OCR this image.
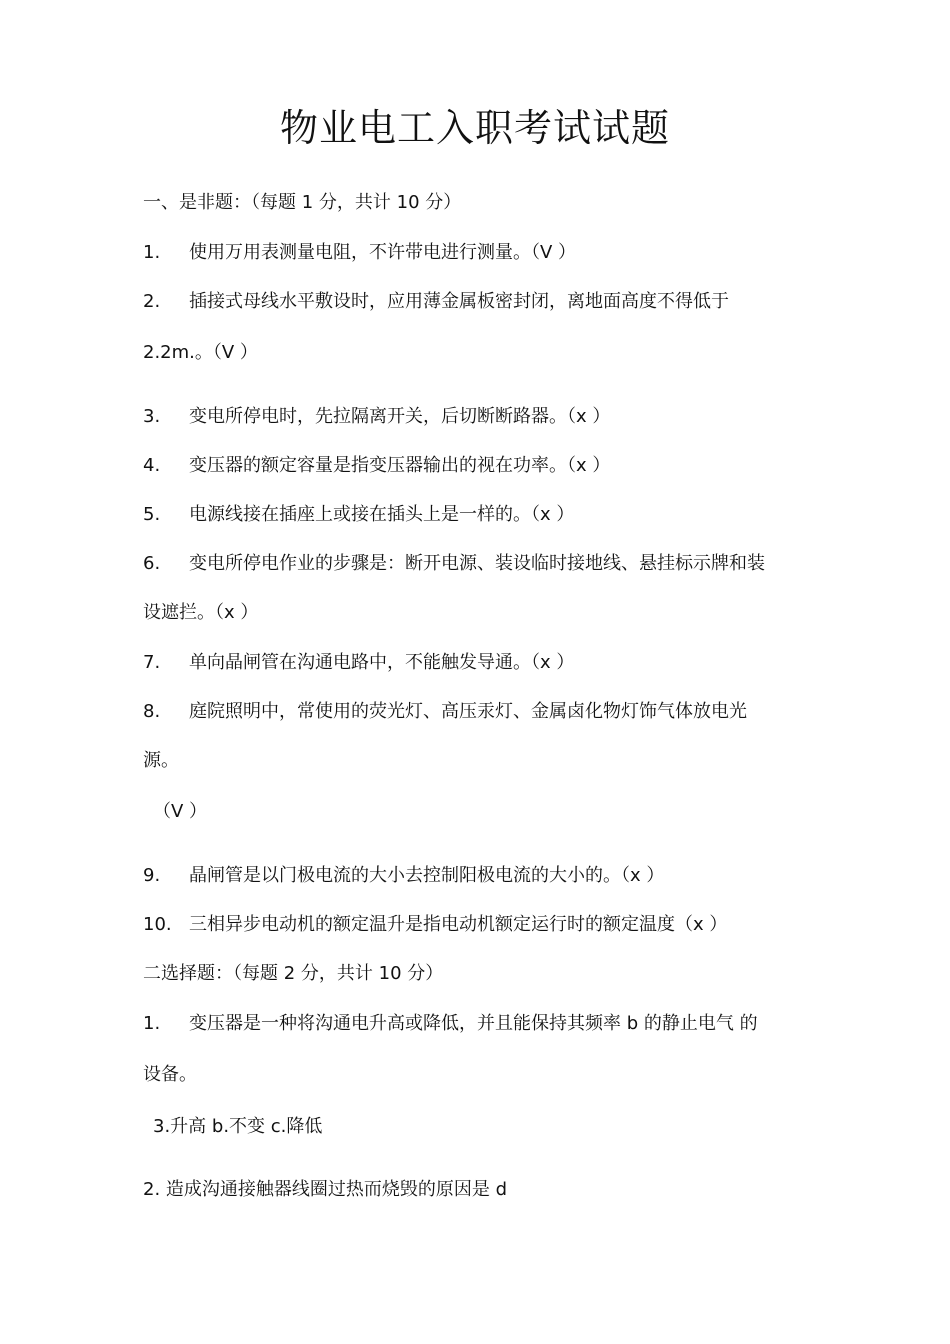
物业电工入职考试试题

一、是非题：（每题 1 分，共计 10 分）

1. 使用万用表测量电阻，不许带电进行测量。（V ）

2. 插接式母线水平敷设时，应用薄金属板密封闭，离地面高度不得低于

2.2m.。（V ）

3. 变电所停电时，先拉隔离开关，后切断断路器。（x ）

4. 变压器的额定容量是指变压器输出的视在功率。（x ）

5. 电源线接在插座上或接在插头上是一样的。（x ）

6. 变电所停电作业的步骤是：断开电源、装设临时接地线、悬挂标示牌和装

设遮拦。（x ）

7. 单向晶闸管在沟通电路中，不能触发导通。（x ）

8. 庭院照明中，常使用的荧光灯、高压汞灯、金属卤化物灯饰气体放电光

源。

（V ）

9. 晶闸管是以门极电流的大小去控制阳极电流的大小的。（x ）

10. 三相异步电动机的额定温升是指电动机额定运行时的额定温度（x ）

二选择题：（每题 2 分，共计 10 分）

1. 变压器是一种将沟通电升高或降低，并且能保持其频率 b 的静止电气 的

设备。

3.升高 b.不变 c.降低

2. 造成沟通接触器线圈过热而烧毁的原因是 d
